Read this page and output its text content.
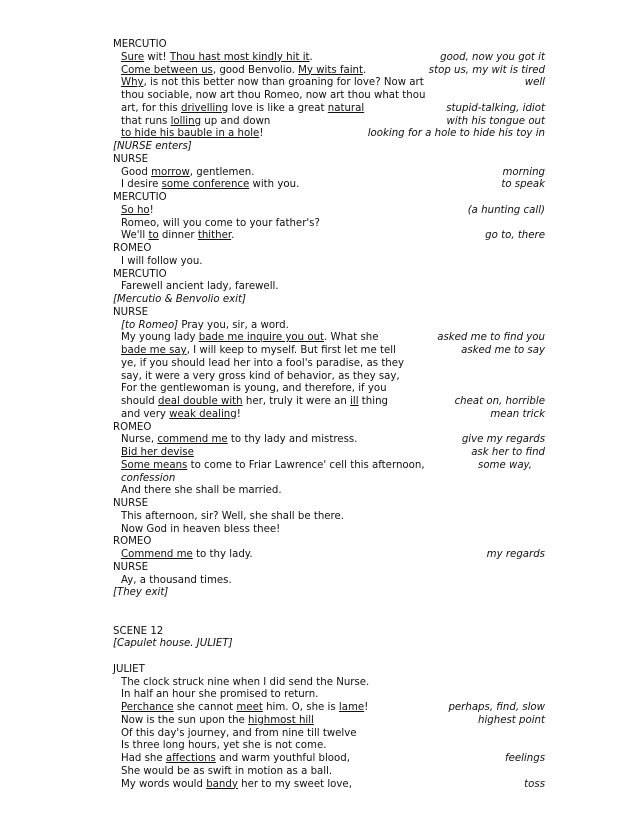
MERCUTIO
Sure wit! Thou hast most kindly hit it.	good, now you got it
Come between us, good Benvolio. My wits faint.	stop us, my wit is tired
Why, is not this better now than groaning for love? Now art	well
thou sociable, now art thou Romeo, now art thou what thou
art, for this drivelling love is like a great natural	stupid-talking, idiot
that runs lolling up and down	with his tongue out
to hide his bauble in a hole!	looking for a hole to hide his toy in
[NURSE enters]
NURSE
Good morrow, gentlemen.	morning
I desire some conference with you.	to speak
MERCUTIO
So ho!	(a hunting call)
Romeo, will you come to your father's?
We'll to dinner thither.	go to, there
ROMEO
I will follow you.
MERCUTIO
Farewell ancient lady, farewell.
[Mercutio & Benvolio exit]
NURSE
[to Romeo] Pray you, sir, a word.
My young lady bade me inquire you out. What she	asked me to find you
bade me say, I will keep to myself. But first let me tell	asked me to say
ye, if you should lead her into a fool's paradise, as they
say, it were a very gross kind of behavior, as they say,
For the gentlewoman is young, and therefore, if you
should deal double with her, truly it were an ill thing	cheat on, horrible
and very weak dealing!	mean trick
ROMEO
Nurse, commend me to thy lady and mistress.	give my regards
Bid her devise	ask her to find
Some means to come to Friar Lawrence' cell this afternoon,	some way,
confession
And there she shall be married.
NURSE
This afternoon, sir? Well, she shall be there.
Now God in heaven bless thee!
ROMEO
Commend me to thy lady.	my regards
NURSE
Ay, a thousand times.
[They exit]
SCENE 12
[Capulet house. JULIET]
JULIET
The clock struck nine when I did send the Nurse.
In half an hour she promised to return.
Perchance she cannot meet him. O, she is lame!	perhaps, find, slow
Now is the sun upon the highmost hill	highest point
Of this day's journey, and from nine till twelve
Is three long hours, yet she is not come.
Had she affections and warm youthful blood,	feelings
She would be as swift in motion as a ball.
My words would bandy her to my sweet love,	toss
